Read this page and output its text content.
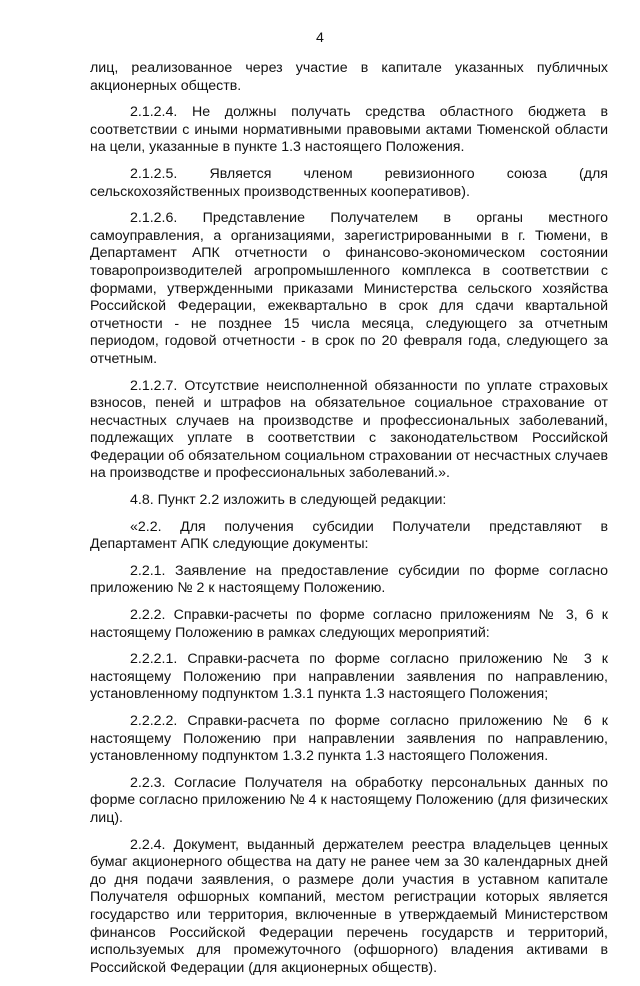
4

лиц, реализованное через участие в капитале указанных публичных акционерных обществ.

2.1.2.4. Не должны получать средства областного бюджета в соответствии с иными нормативными правовыми актами Тюменской области на цели, указанные в пункте 1.3 настоящего Положения.

2.1.2.5. Является членом ревизионного союза (для сельскохозяйственных производственных кооперативов).

2.1.2.6. Представление Получателем в органы местного самоуправления, а организациями, зарегистрированными в г. Тюмени, в Департамент АПК отчетности о финансово-экономическом состоянии товаропроизводителей агропромышленного комплекса в соответствии с формами, утвержденными приказами Министерства сельского хозяйства Российской Федерации, ежеквартально в срок для сдачи квартальной отчетности - не позднее 15 числа месяца, следующего за отчетным периодом, годовой отчетности - в срок по 20 февраля года, следующего за отчетным.

2.1.2.7. Отсутствие неисполненной обязанности по уплате страховых взносов, пеней и штрафов на обязательное социальное страхование от несчастных случаев на производстве и профессиональных заболеваний, подлежащих уплате в соответствии с законодательством Российской Федерации об обязательном социальном страховании от несчастных случаев на производстве и профессиональных заболеваний.».

4.8. Пункт 2.2 изложить в следующей редакции:

«2.2. Для получения субсидии Получатели представляют в Департамент АПК следующие документы:

2.2.1. Заявление на предоставление субсидии по форме согласно приложению № 2 к настоящему Положению.

2.2.2. Справки-расчеты по форме согласно приложениям № 3, 6 к настоящему Положению в рамках следующих мероприятий:

2.2.2.1. Справки-расчета по форме согласно приложению № 3 к настоящему Положению при направлении заявления по направлению, установленному подпунктом 1.3.1 пункта 1.3 настоящего Положения;

2.2.2.2. Справки-расчета по форме согласно приложению № 6 к настоящему Положению при направлении заявления по направлению, установленному подпунктом 1.3.2 пункта 1.3 настоящего Положения.

2.2.3. Согласие Получателя на обработку персональных данных по форме согласно приложению № 4 к настоящему Положению (для физических лиц).

2.2.4. Документ, выданный держателем реестра владельцев ценных бумаг акционерного общества на дату не ранее чем за 30 календарных дней до дня подачи заявления, о размере доли участия в уставном капитале Получателя офшорных компаний, местом регистрации которых является государство или территория, включенные в утверждаемый Министерством финансов Российской Федерации перечень государств и территорий, используемых для промежуточного (офшорного) владения активами в Российской Федерации (для акционерных обществ).
